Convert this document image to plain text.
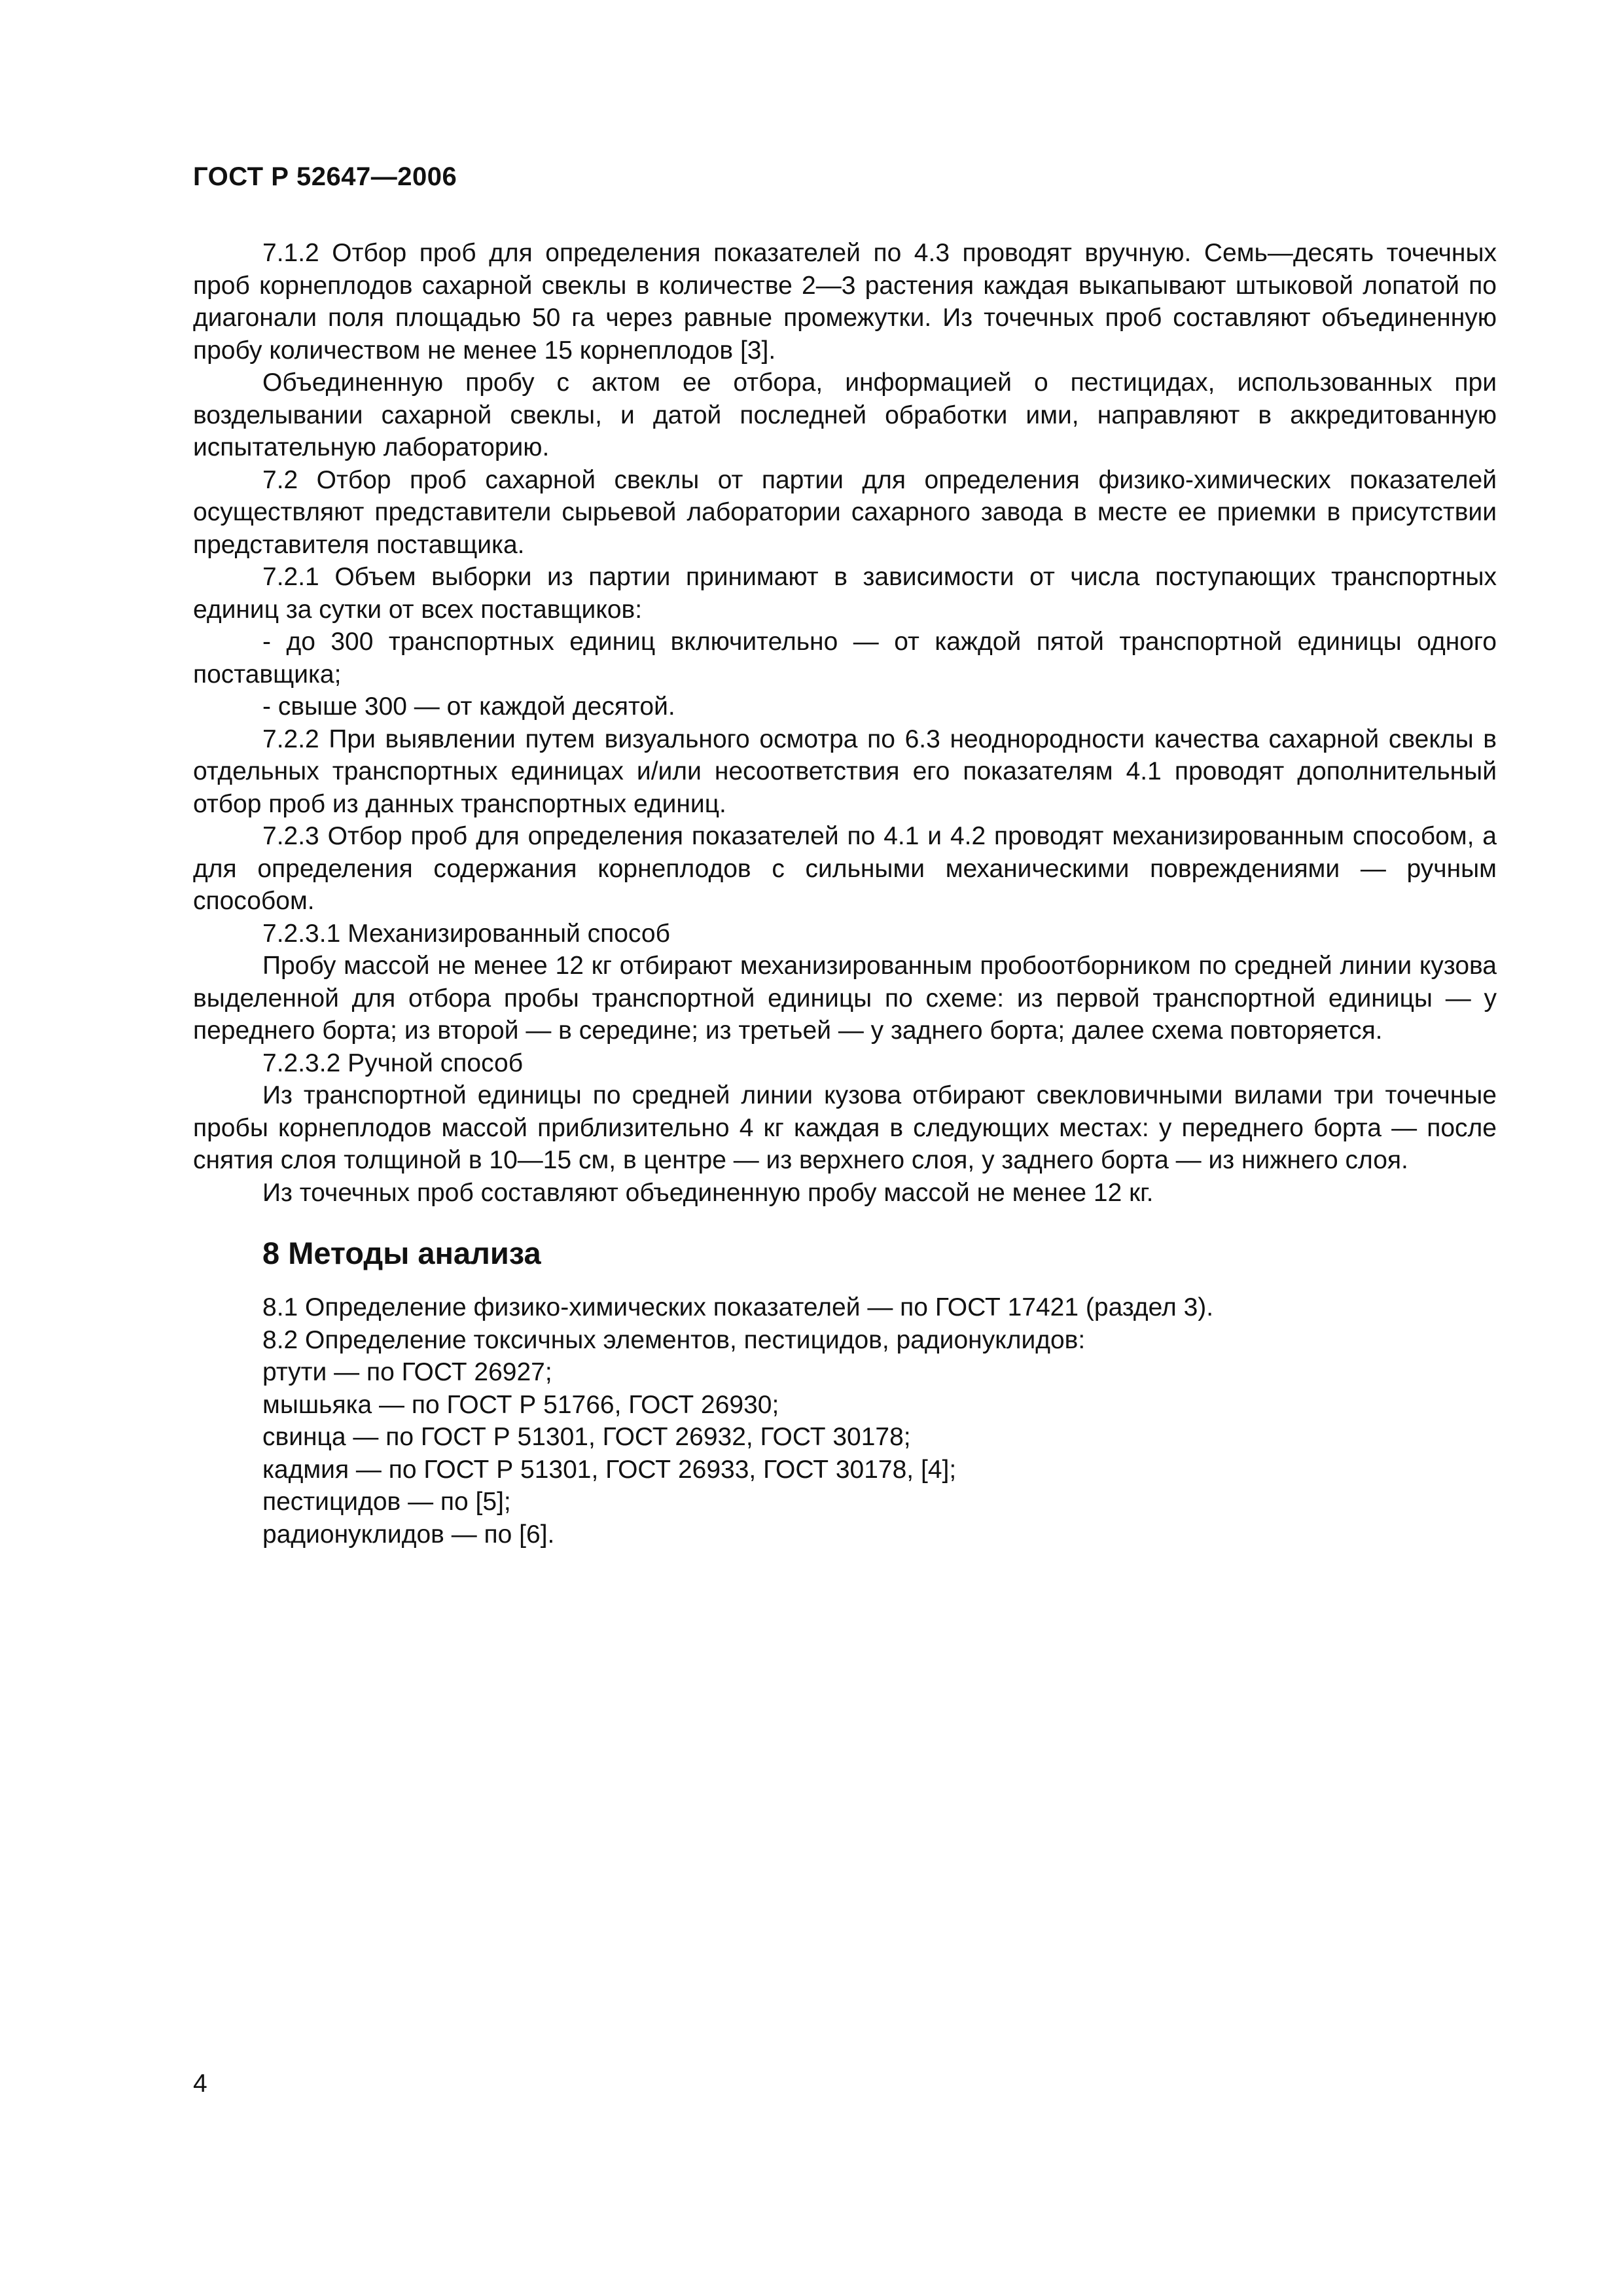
ГОСТ Р 52647—2006

7.1.2 Отбор проб для определения показателей по 4.3 проводят вручную. Семь—десять точечных проб корнеплодов сахарной свеклы в количестве 2—3 растения каждая выкапывают штыковой лопатой по диагонали поля площадью 50 га через равные промежутки. Из точечных проб составляют объединенную пробу количеством не менее 15 корнеплодов [3].

Объединенную пробу с актом ее отбора, информацией о пестицидах, использованных при возделывании сахарной свеклы, и датой последней обработки ими, направляют в аккредитованную испытательную лабораторию.

7.2 Отбор проб сахарной свеклы от партии для определения физико-химических показателей осуществляют представители сырьевой лаборатории сахарного завода в месте ее приемки в присутствии представителя поставщика.

7.2.1 Объем выборки из партии принимают в зависимости от числа поступающих транспортных единиц за сутки от всех поставщиков:

- до 300 транспортных единиц включительно — от каждой пятой транспортной единицы одного поставщика;

- свыше 300 — от каждой десятой.

7.2.2 При выявлении путем визуального осмотра по 6.3 неоднородности качества сахарной свеклы в отдельных транспортных единицах и/или несоответствия его показателям 4.1 проводят дополнительный отбор проб из данных транспортных единиц.

7.2.3 Отбор проб для определения показателей по 4.1 и 4.2 проводят механизированным способом, а для определения содержания корнеплодов с сильными механическими повреждениями — ручным способом.

7.2.3.1 Механизированный способ

Пробу массой не менее 12 кг отбирают механизированным пробоотборником по средней линии кузова выделенной для отбора пробы транспортной единицы по схеме: из первой транспортной единицы — у переднего борта; из второй — в середине; из третьей — у заднего борта; далее схема повторяется.

7.2.3.2 Ручной способ

Из транспортной единицы по средней линии кузова отбирают свекловичными вилами три точечные пробы корнеплодов массой приблизительно 4 кг каждая в следующих местах: у переднего борта — после снятия слоя толщиной в 10—15 см, в центре — из верхнего слоя, у заднего борта — из нижнего слоя.

Из точечных проб составляют объединенную пробу массой не менее 12 кг.

8 Методы анализа

8.1 Определение физико-химических показателей — по ГОСТ 17421 (раздел 3).

8.2 Определение токсичных элементов, пестицидов, радионуклидов:

ртути — по ГОСТ 26927;

мышьяка — по ГОСТ Р 51766, ГОСТ 26930;

свинца — по ГОСТ Р 51301, ГОСТ 26932, ГОСТ 30178;

кадмия — по ГОСТ Р 51301, ГОСТ 26933, ГОСТ 30178, [4];

пестицидов — по [5];

радионуклидов — по [6].

4
